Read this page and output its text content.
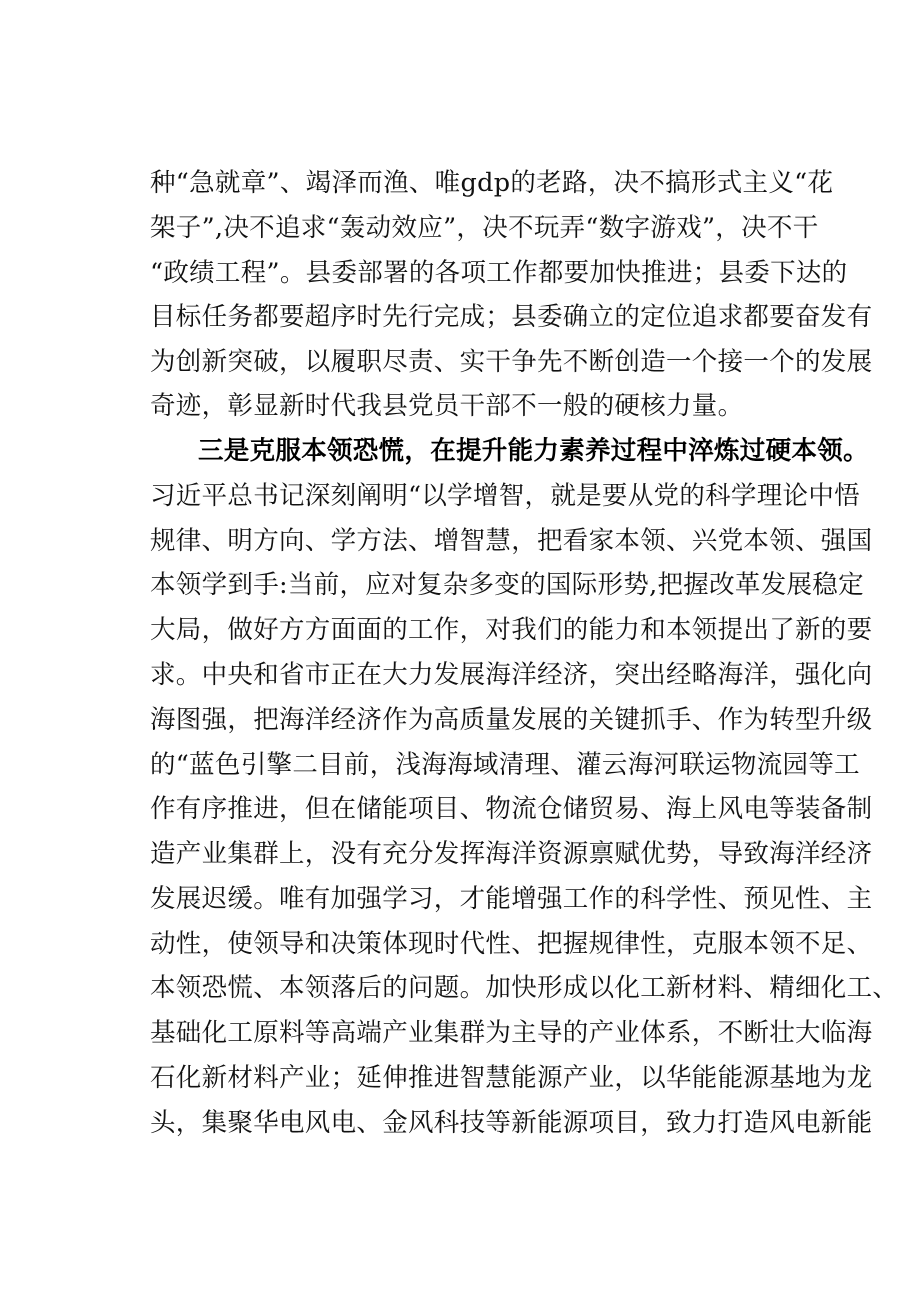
种“急就章”、竭泽而渔、唯gdp的老路，决不搞形式主义“花
架子”,决不追求“轰动效应”，决不玩弄“数字游戏”，决不干
“政绩工程”。县委部署的各项工作都要加快推进；县委下达的
目标任务都要超序时先行完成；县委确立的定位追求都要奋发有
为创新突破，以履职尽责、实干争先不断创造一个接一个的发展
奇迹，彰显新时代我县党员干部不一般的硬核力量。
三是克服本领恐慌，在提升能力素养过程中淬炼过硬本领。
习近平总书记深刻阐明“以学增智，就是要从党的科学理论中悟
规律、明方向、学方法、增智慧，把看家本领、兴党本领、强国
本领学到手:当前，应对复杂多变的国际形势,把握改革发展稳定
大局，做好方方面面的工作，对我们的能力和本领提出了新的要
求。中央和省市正在大力发展海洋经济，突出经略海洋，强化向
海图强，把海洋经济作为高质量发展的关键抓手、作为转型升级
的“蓝色引擎二目前，浅海海域清理、灌云海河联运物流园等工
作有序推进，但在储能项目、物流仓储贸易、海上风电等装备制
造产业集群上，没有充分发挥海洋资源禀赋优势，导致海洋经济
发展迟缓。唯有加强学习，才能增强工作的科学性、预见性、主
动性，使领导和决策体现时代性、把握规律性，克服本领不足、
本领恐慌、本领落后的问题。加快形成以化工新材料、精细化工、
基础化工原料等高端产业集群为主导的产业体系，不断壮大临海
石化新材料产业；延伸推进智慧能源产业，以华能能源基地为龙
头，集聚华电风电、金风科技等新能源项目，致力打造风电新能
